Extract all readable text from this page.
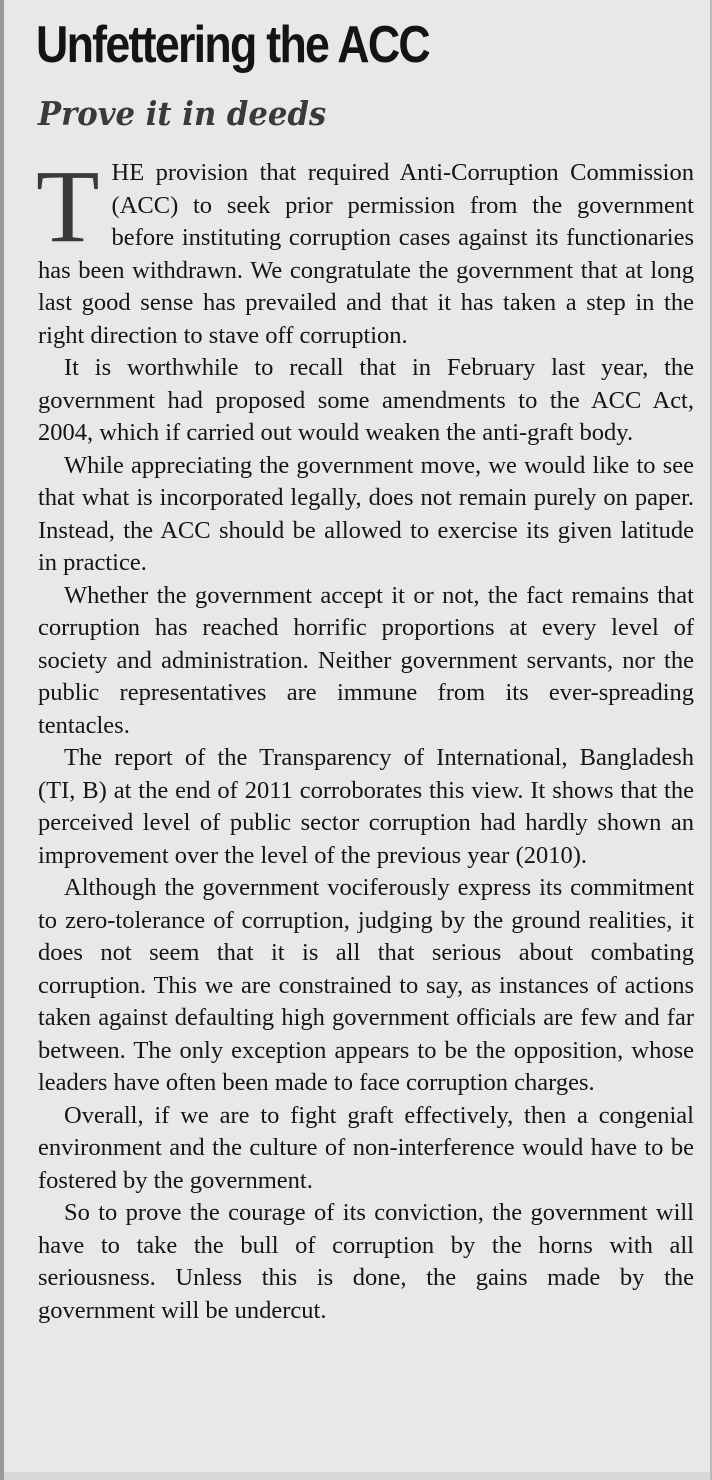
Unfettering the ACC
Prove it in deeds

THE provision that required Anti-Corruption Commission (ACC) to seek prior permission from the government before instituting corruption cases against its functionaries has been withdrawn. We congratulate the government that at long last good sense has prevailed and that it has taken a step in the right direction to stave off corruption.

It is worthwhile to recall that in February last year, the government had proposed some amendments to the ACC Act, 2004, which if carried out would weaken the anti-graft body.

While appreciating the government move, we would like to see that what is incorporated legally, does not remain purely on paper. Instead, the ACC should be allowed to exercise its given latitude in practice.

Whether the government accept it or not, the fact remains that corruption has reached horrific proportions at every level of society and administration. Neither government servants, nor the public representatives are immune from its ever-spreading tentacles.

The report of the Transparency of International, Bangladesh (TI, B) at the end of 2011 corroborates this view. It shows that the perceived level of public sector corruption had hardly shown an improvement over the level of the previous year (2010).

Although the government vociferously express its commitment to zero-tolerance of corruption, judging by the ground realities, it does not seem that it is all that serious about combating corruption. This we are constrained to say, as instances of actions taken against defaulting high government officials are few and far between. The only exception appears to be the opposition, whose leaders have often been made to face corruption charges.

Overall, if we are to fight graft effectively, then a congenial environment and the culture of non-interference would have to be fostered by the government.

So to prove the courage of its conviction, the government will have to take the bull of corruption by the horns with all seriousness. Unless this is done, the gains made by the government will be undercut.
